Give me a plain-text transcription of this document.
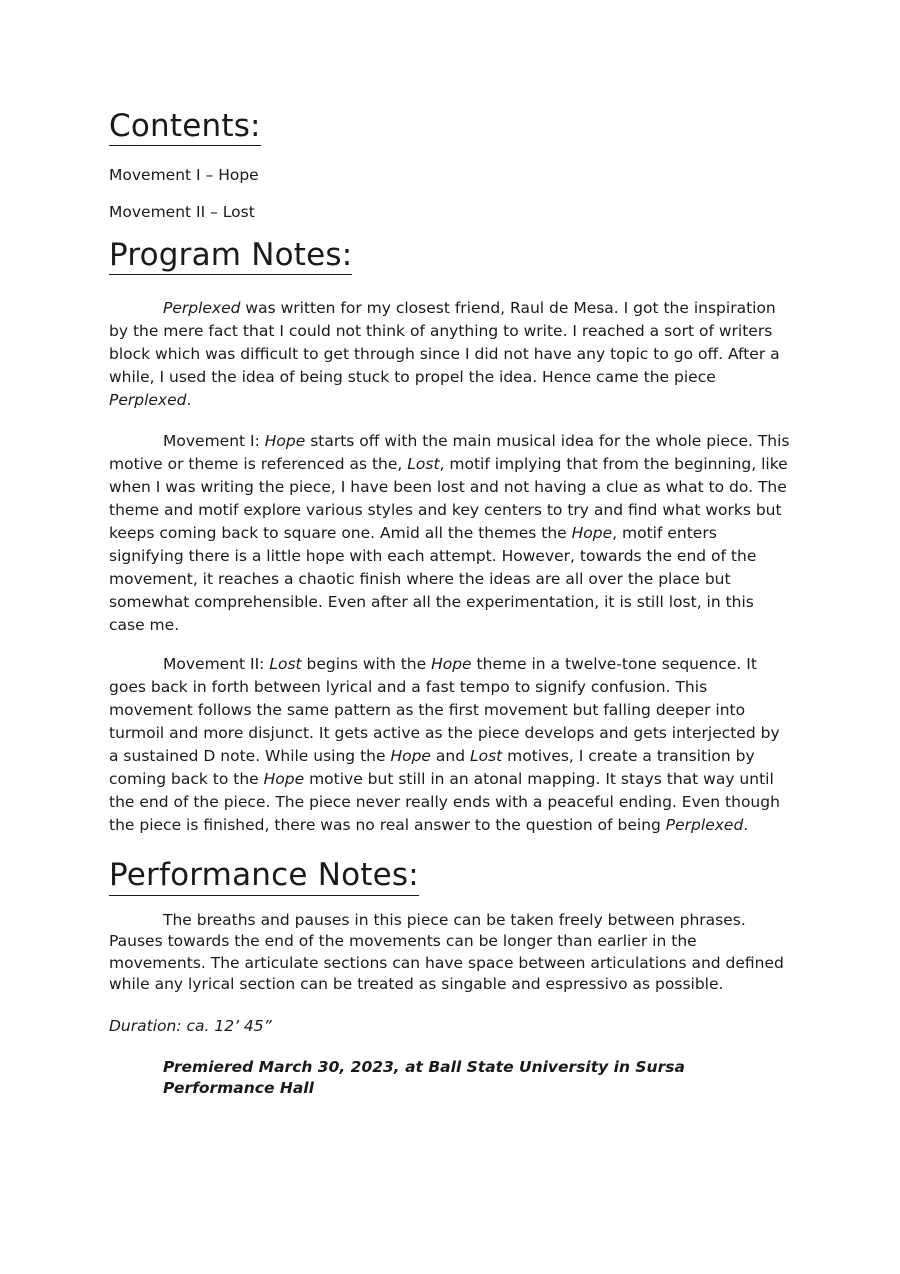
Contents:

Movement I – Hope

Movement II – Lost

Program Notes:

Perplexed was written for my closest friend, Raul de Mesa. I got the inspiration by the mere fact that I could not think of anything to write. I reached a sort of writers block which was difficult to get through since I did not have any topic to go off. After a while, I used the idea of being stuck to propel the idea. Hence came the piece Perplexed.

Movement I: Hope starts off with the main musical idea for the whole piece. This motive or theme is referenced as the, Lost, motif implying that from the beginning, like when I was writing the piece, I have been lost and not having a clue as what to do. The theme and motif explore various styles and key centers to try and find what works but keeps coming back to square one. Amid all the themes the Hope, motif enters signifying there is a little hope with each attempt. However, towards the end of the movement, it reaches a chaotic finish where the ideas are all over the place but somewhat comprehensible. Even after all the experimentation, it is still lost, in this case me.

Movement II: Lost begins with the Hope theme in a twelve-tone sequence. It goes back in forth between lyrical and a fast tempo to signify confusion. This movement follows the same pattern as the first movement but falling deeper into turmoil and more disjunct. It gets active as the piece develops and gets interjected by a sustained D note. While using the Hope and Lost motives, I create a transition by coming back to the Hope motive but still in an atonal mapping. It stays that way until the end of the piece. The piece never really ends with a peaceful ending. Even though the piece is finished, there was no real answer to the question of being Perplexed.

Performance Notes:

The breaths and pauses in this piece can be taken freely between phrases. Pauses towards the end of the movements can be longer than earlier in the movements. The articulate sections can have space between articulations and defined while any lyrical section can be treated as singable and espressivo as possible.

Duration: ca. 12’ 45”

Premiered March 30, 2023, at Ball State University in Sursa Performance Hall
